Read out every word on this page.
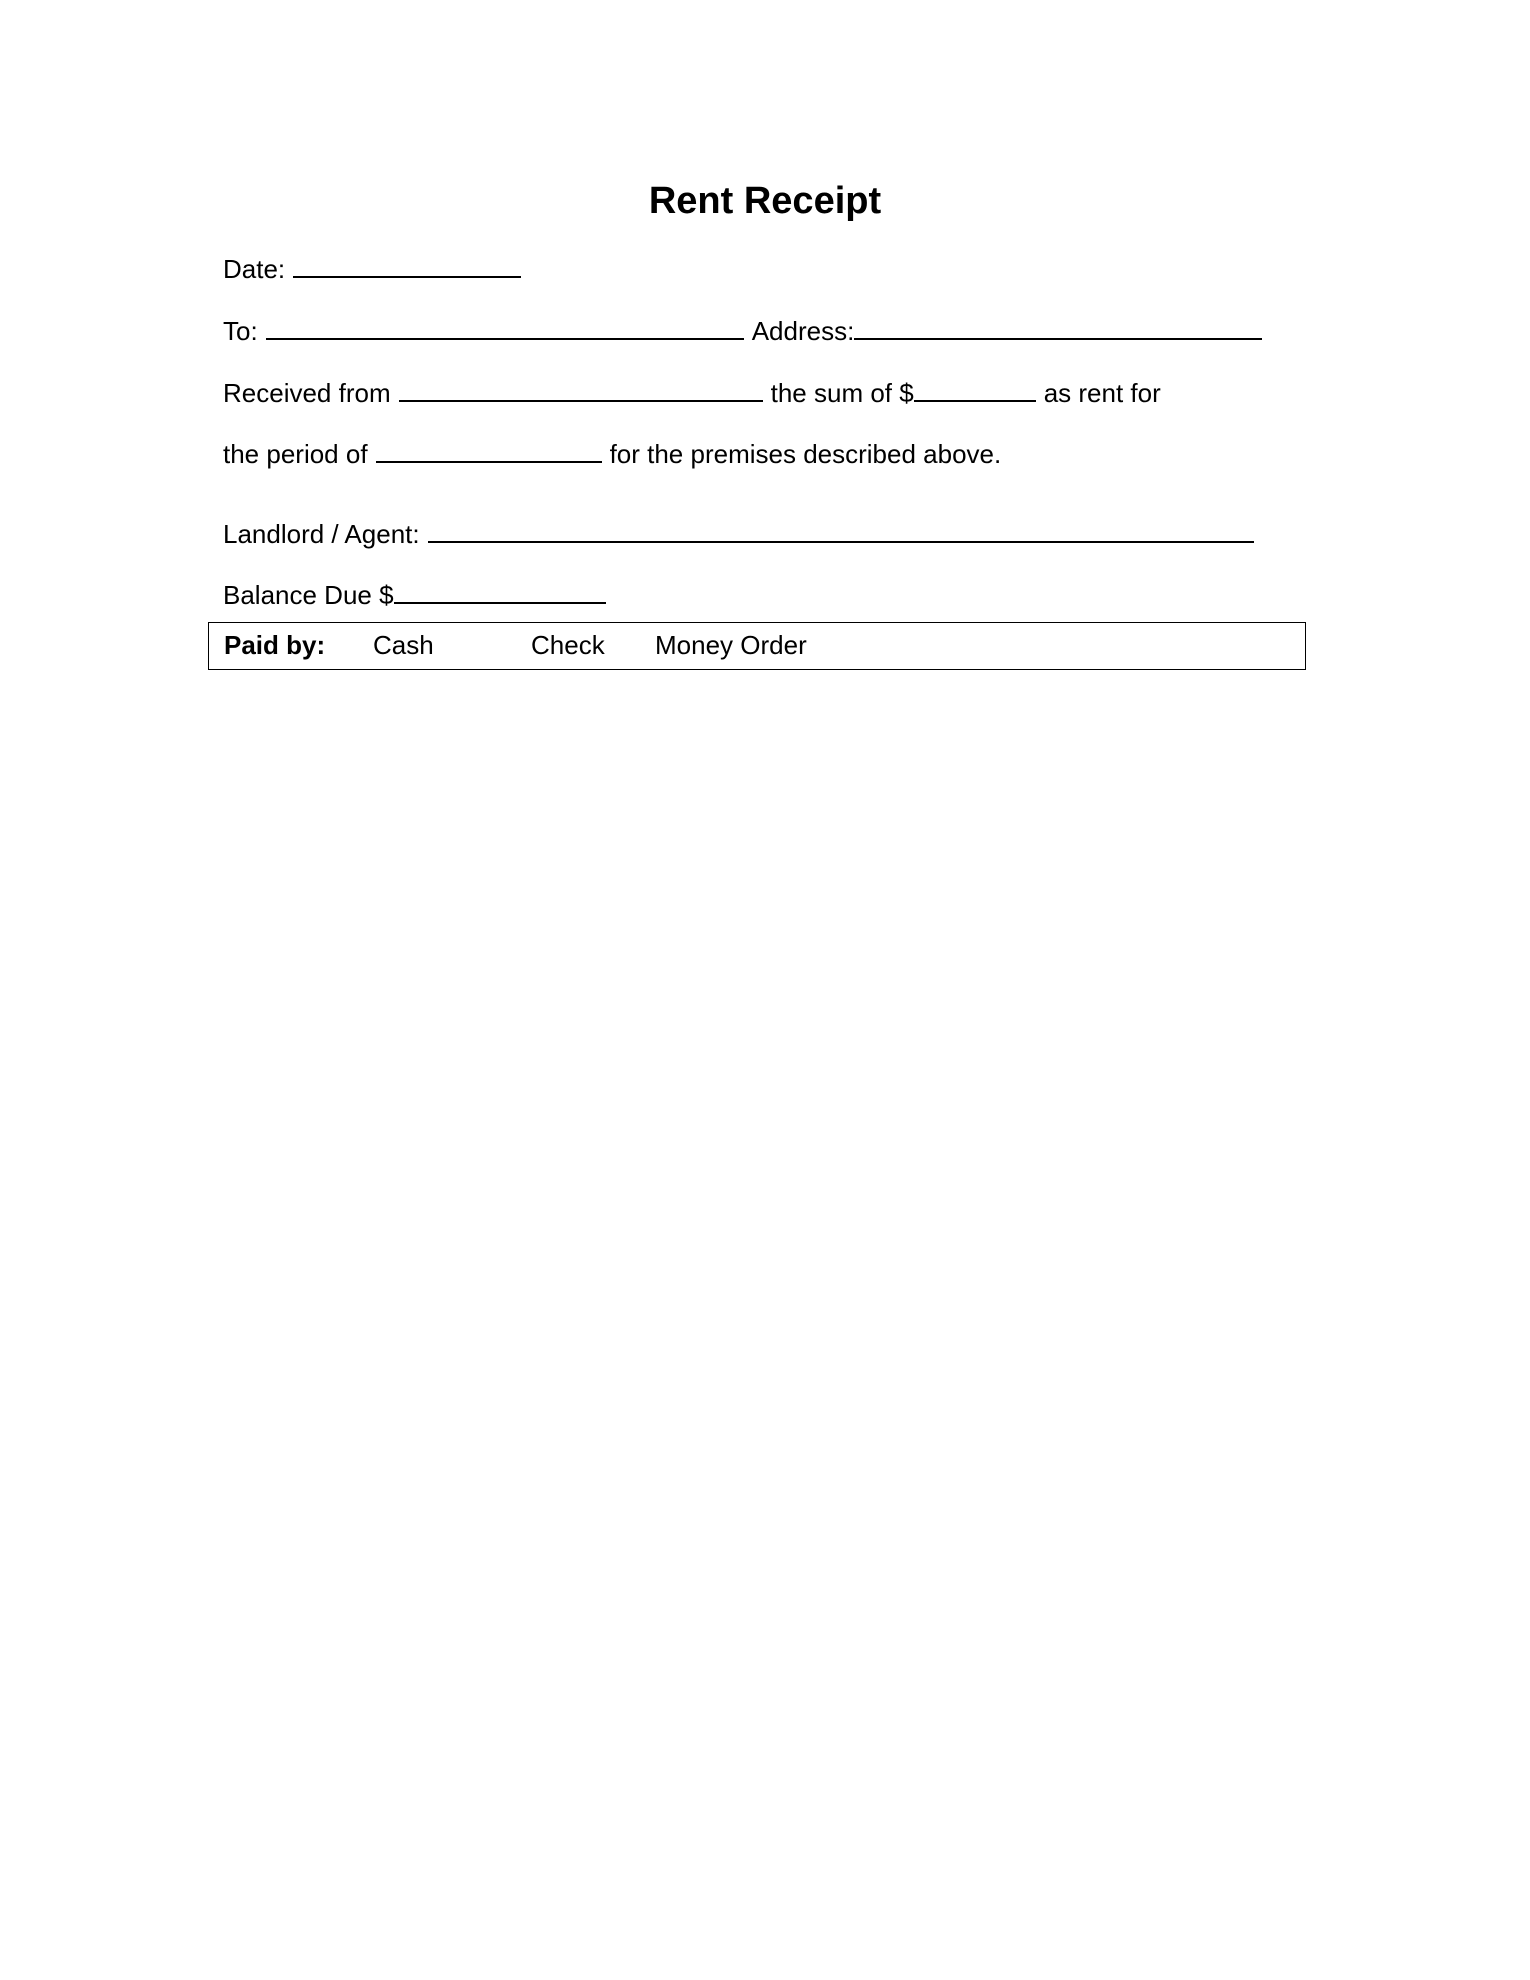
Rent Receipt
Date:
To:	Address:
Received from	the sum of $	as rent for
the period of	for the premises described above.
Landlord / Agent:
Balance Due $
Paid by: Cash	Check Money Order
